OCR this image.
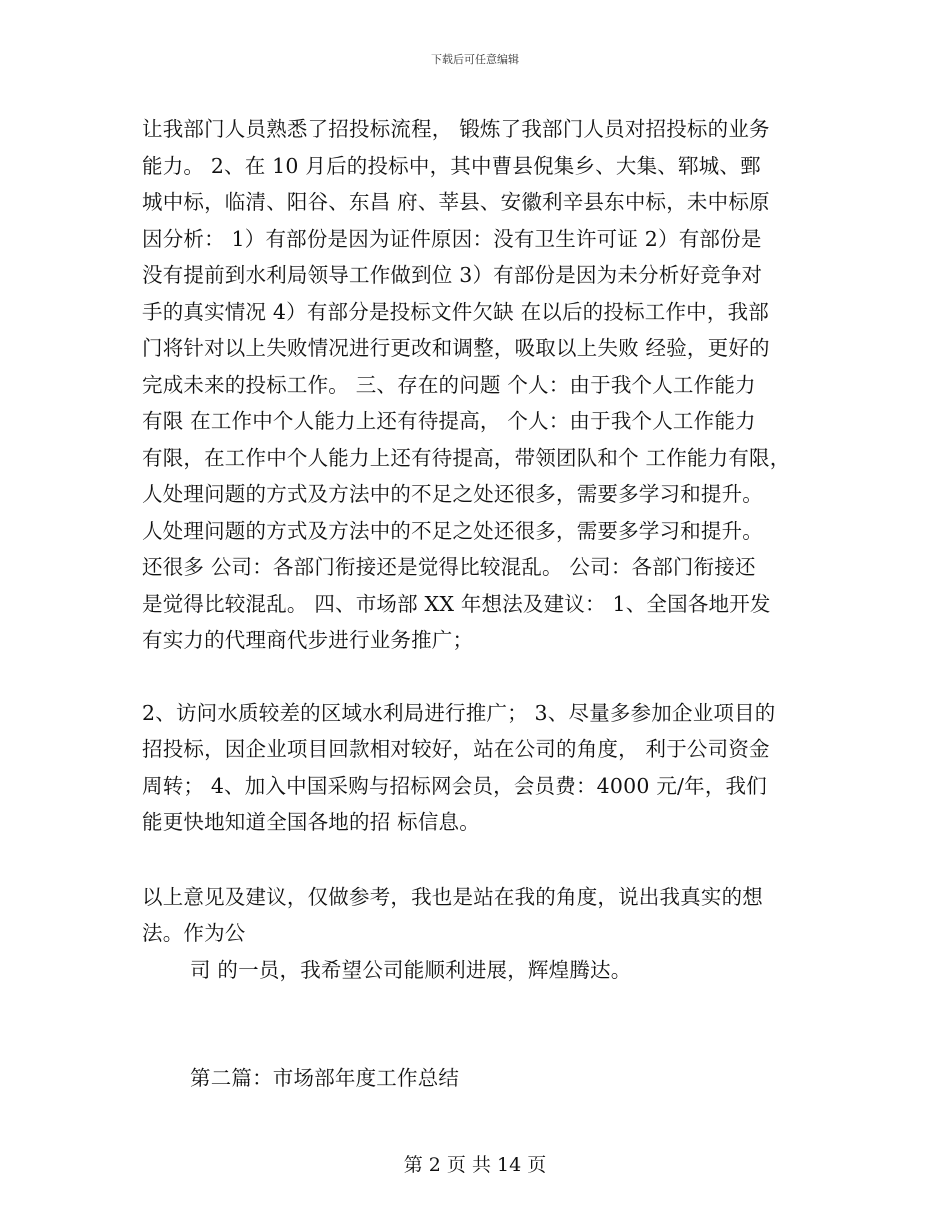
下载后可任意编辑

让我部门人员熟悉了招投标流程， 锻炼了我部门人员对招投标的业务

能力。 2、在 10 月后的投标中，其中曹县倪集乡、大集、郓城、鄄

城中标，临清、阳谷、东昌 府、莘县、安徽利辛县东中标，未中标原

因分析： 1）有部份是因为证件原因：没有卫生许可证 2）有部份是

没有提前到水利局领导工作做到位 3）有部份是因为未分析好竞争对

手的真实情况 4）有部分是投标文件欠缺 在以后的投标工作中，我部

门将针对以上失败情况进行更改和调整，吸取以上失败 经验，更好的

完成未来的投标工作。 三、存在的问题 个人：由于我个人工作能力

有限 在工作中个人能力上还有待提高， 个人：由于我个人工作能力

有限，在工作中个人能力上还有待提高，带领团队和个 工作能力有限，

人处理问题的方式及方法中的不足之处还很多，需要多学习和提升。

人处理问题的方式及方法中的不足之处还很多，需要多学习和提升。

还很多 公司：各部门衔接还是觉得比较混乱。 公司：各部门衔接还

是觉得比较混乱。 四、市场部 XX 年想法及建议： 1、全国各地开发

有实力的代理商代步进行业务推广；

2、访问水质较差的区域水利局进行推广； 3、尽量多参加企业项目的

招投标，因企业项目回款相对较好，站在公司的角度， 利于公司资金

周转； 4、加入中国采购与招标网会员，会员费：4000 元/年，我们

能更快地知道全国各地的招 标信息。

以上意见及建议，仅做参考，我也是站在我的角度，说出我真实的想

法。作为公

司 的一员，我希望公司能顺利进展，辉煌腾达。

第二篇：市场部年度工作总结

第 2 页 共 14 页
